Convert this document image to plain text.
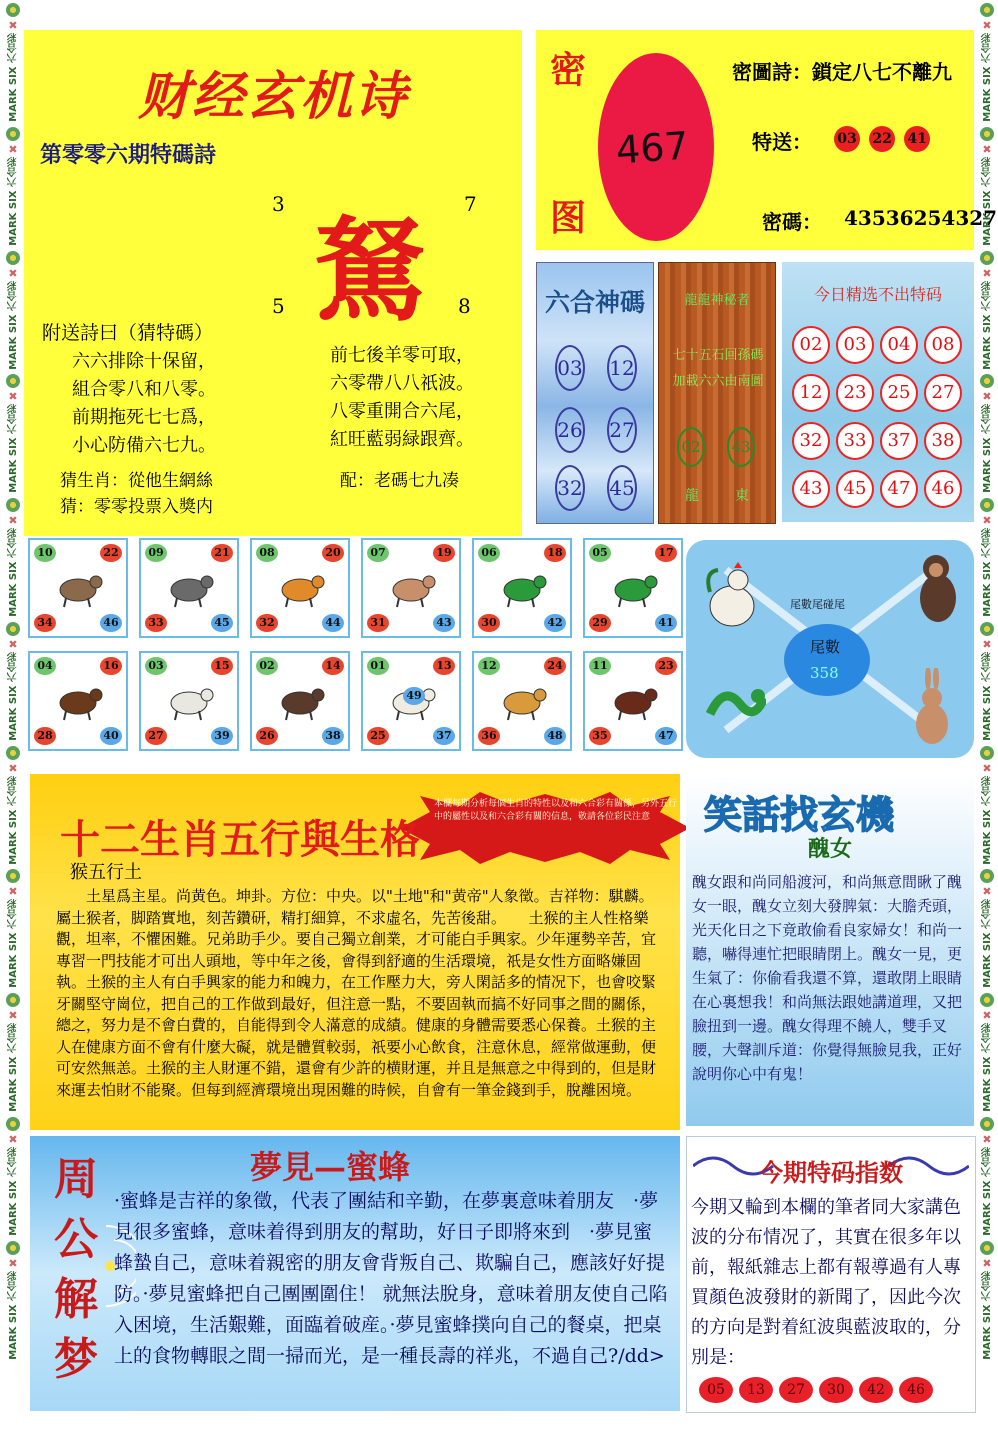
✖
MARK SIX 六合彩
✖
MARK SIX 六合彩
✖
MARK SIX 六合彩
✖
MARK SIX 六合彩
✖
MARK SIX 六合彩
✖
MARK SIX 六合彩
✖
MARK SIX 六合彩
✖
MARK SIX 六合彩
✖
MARK SIX 六合彩
✖
MARK SIX 六合彩
✖
MARK SIX 六合彩
✖
MARK SIX 六合彩
✖
MARK SIX 六合彩
✖
MARK SIX 六合彩
✖
MARK SIX 六合彩
✖
MARK SIX 六合彩
✖
MARK SIX 六合彩
✖
MARK SIX 六合彩
✖
MARK SIX 六合彩
✖
MARK SIX 六合彩
✖
MARK SIX 六合彩
✖
MARK SIX 六合彩
财经玄机诗
第零零六期特碼詩
3	7
5	8
駑
附送詩曰（猜特碼）
六六排除十保留，
組合零八和八零。
前期拖死七七爲，
小心防備六七九。
前七後羊零可取，
六零帶八八祇波。
八零重開合六尾，
紅旺藍弱緑跟齊。
猜生肖：從他生網絲	配：老碼七九凑
猜：零零投票入獎内
密
图
467
密圖詩：鎖定八七不離九
特送：	03 22 41
密碼： 43536254327
六合神碼
03 12
26 27
32 45
龍龍神秘者
七十五石回孫碼 加載六六由南圖
02 43
龍	東
今日精选不出特码
02	03	04	08
12	23	25	27
32	33	37	38
43	45	47	46
10	22
34	46
09	21
33	45
08	20
32	44
07	19
31	43
06	18
30	42
05	17
29	41
04	16
28	40
03	15
27	39
02	14
26	38
01	13
25	37
49
12	24
36	48
11	23
35	47
尾數尾碰尾
尾數
358
本欄每期分析每個生肖的特性以及和六合彩有關係，另外五行中的屬性以及和六合彩有關的信息，敬請各位彩民注意
十二生肖五行與生格
猴五行土
土星爲主星。尚黄色。坤卦。方位：中央。以"土地"和"黄帝"人象徵。吉祥物：騏麟。屬土猴者，脚踏實地，刻苦鑽研，精打細算，不求虛名，先苦後甜。　　土猴的主人性格樂觀，坦率，不懼困難。兄弟助手少。要自己獨立創業，才可能白手興家。少年運勢辛苦，宜專習一門技能才可出人頭地，等中年之後，會得到舒適的生活環境，祇是女性方面略嫌固執。土猴的主人有白手興家的能力和魄力，在工作壓力大，旁人閑話多的情况下，也會咬緊牙關堅守崗位，把自己的工作做到最好，但注意一點，不要固執而搞不好同事之間的關係，總之，努力是不會白費的，自能得到令人滿意的成績。健康的身體需要悉心保養。土猴的主人在健康方面不會有什麼大礙，就是體質較弱，祇要小心飲食，注意休息，經常做運動，便可安然無恙。土猴的主人財運不錯，還會有少許的横財運，并且是無意之中得到的，但是財來運去怕財不能聚。但每到經濟環境出現困難的時候，自會有一筆金錢到手，脫離困境。
笑話找玄機
醜女
醜女跟和尚同船渡河，和尚無意間瞅了醜女一眼，醜女立刻大發脾氣：大膽秃頭，光天化日之下竟敢偷看良家婦女！和尚一聽，嚇得連忙把眼睛閉上。醜女一見，更生氣了：你偷看我還不算，還敢閉上眼睛在心裏想我！和尚無法跟她講道理，又把臉扭到一邊。醜女得理不饒人，雙手叉腰，大聲訓斥道：你覺得無臉見我，正好說明你心中有鬼！
周公解梦
夢見—蜜蜂
·蜜蜂是吉祥的象徵，代表了團結和辛勤，在夢裏意味着朋友　·夢見很多蜜蜂，意味着得到朋友的幫助，好日子即將來到　·夢見蜜蜂蟄自己，意味着親密的朋友會背叛自己、欺騙自己，應該好好提防。·夢見蜜蜂把自己團團圍住！ 就無法脫身，意味着朋友使自己陷入困境，生活艱難，面臨着破産。·夢見蜜蜂撲向自己的餐桌，把桌上的食物轉眼之間一掃而光，是一種長壽的祥兆，不過自己?/dd>
今期特码指数
今期又輪到本欄的筆者同大家講色波的分布情况了，其實在很多年以前，報紙雜志上都有報導過有人專買顏色波發財的新聞了，因此今次的方向是對着紅波與藍波取的，分別是：
05	13	27	30	42	46
